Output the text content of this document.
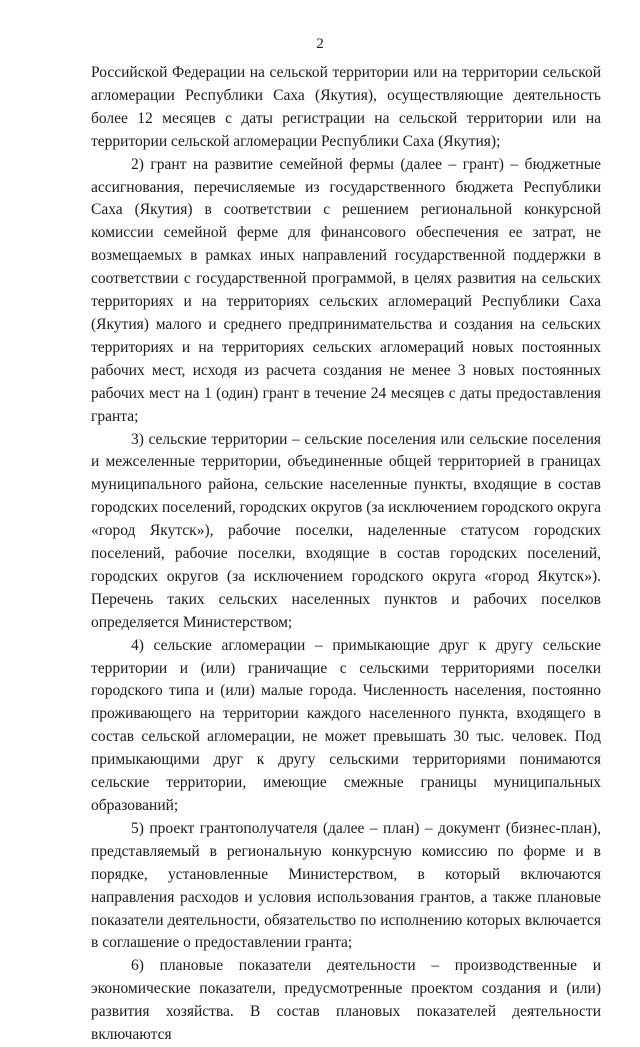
2

Российской Федерации на сельской территории или на территории сельской агломерации Республики Саха (Якутия), осуществляющие деятельность более 12 месяцев с даты регистрации на сельской территории или на территории сельской агломерации Республики Саха (Якутия);

2) грант на развитие семейной фермы (далее – грант) – бюджетные ассигнования, перечисляемые из государственного бюджета Республики Саха (Якутия) в соответствии с решением региональной конкурсной комиссии семейной ферме для финансового обеспечения ее затрат, не возмещаемых в рамках иных направлений государственной поддержки в соответствии с государственной программой, в целях развития на сельских территориях и на территориях сельских агломераций Республики Саха (Якутия) малого и среднего предпринимательства и создания на сельских территориях и на территориях сельских агломераций новых постоянных рабочих мест, исходя из расчета создания не менее 3 новых постоянных рабочих мест на 1 (один) грант в течение 24 месяцев с даты предоставления гранта;

3) сельские территории – сельские поселения или сельские поселения и межселенные территории, объединенные общей территорией в границах муниципального района, сельские населенные пункты, входящие в состав городских поселений, городских округов (за исключением городского округа «город Якутск»), рабочие поселки, наделенные статусом городских поселений, рабочие поселки, входящие в состав городских поселений, городских округов (за исключением городского округа «город Якутск»). Перечень таких сельских населенных пунктов и рабочих поселков определяется Министерством;

4) сельские агломерации – примыкающие друг к другу сельские территории и (или) граничащие с сельскими территориями поселки городского типа и (или) малые города. Численность населения, постоянно проживающего на территории каждого населенного пункта, входящего в состав сельской агломерации, не может превышать 30 тыс. человек. Под примыкающими друг к другу сельскими территориями понимаются сельские территории, имеющие смежные границы муниципальных образований;

5) проект грантополучателя (далее – план) – документ (бизнес-план), представляемый в региональную конкурсную комиссию по форме и в порядке, установленные Министерством, в который включаются направления расходов и условия использования грантов, а также плановые показатели деятельности, обязательство по исполнению которых включается в соглашение о предоставлении гранта;

6) плановые показатели деятельности – производственные и экономические показатели, предусмотренные проектом создания и (или) развития хозяйства. В состав плановых показателей деятельности включаются
